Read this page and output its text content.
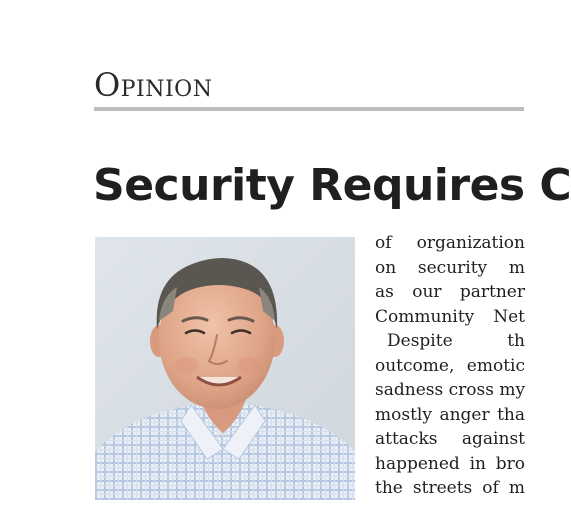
Opinion
Security Requires C
of organization
on security m
as our partner
Community Net
Despite th
outcome, emotic
sadness cross my
mostly anger tha
attacks against
happened in bro
the streets of m
